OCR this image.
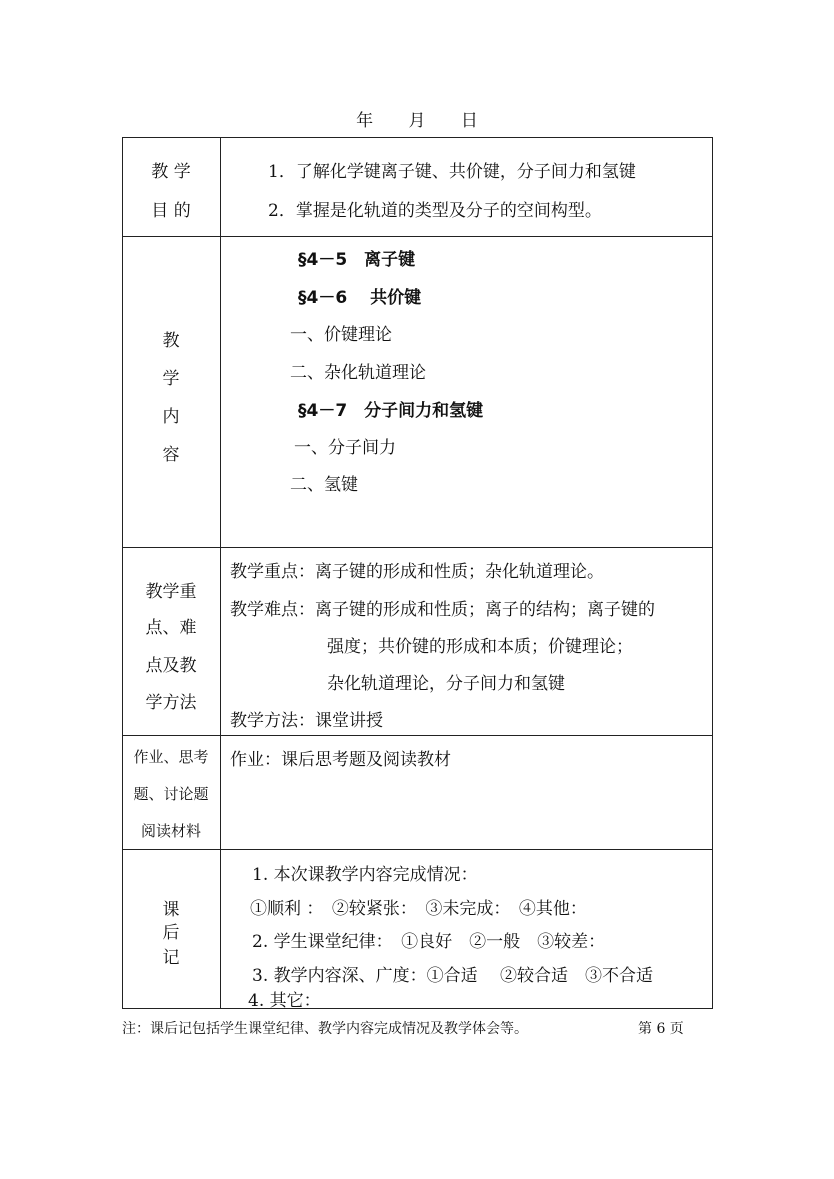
年 月 日
教 学
目 的
1．了解化学键离子键、共价键，分子间力和氢键
2．掌握是化轨道的类型及分子的空间构型。
教
学
内
容
§4－5　离子键
§4－6　 共价键
一、价键理论
二、杂化轨道理论
§4－7　分子间力和氢键
一、分子间力
二、氢键
教学重
点、难
点及教
学方法
教学重点：离子键的形成和性质；杂化轨道理论。
教学难点：离子键的形成和性质；离子的结构；离子键的
强度；共价键的形成和本质；价键理论；
杂化轨道理论，分子间力和氢键
教学方法：课堂讲授
作业、思考
题、讨论题
阅读材料
作业：课后思考题及阅读教材
课
后
记
1. 本次课教学内容完成情况：
①顺利 ：　②较紧张：　③未完成：　④其他：
2. 学生课堂纪律：　①良好　②一般　③较差：
3. 教学内容深、广度：①合适　 ②较合适　③不合适
4. 其它：
注：课后记包括学生课堂纪律、教学内容完成情况及教学体会等。	第 6 页
